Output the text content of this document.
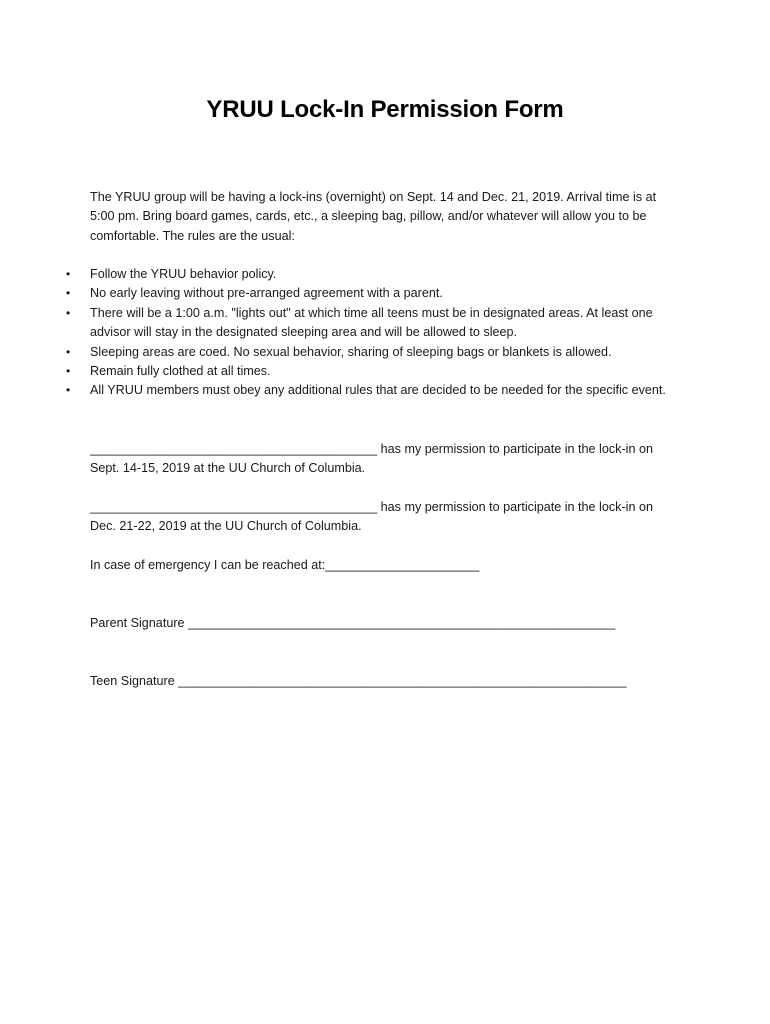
YRUU Lock-In Permission Form
The YRUU group will be having a lock-ins (overnight) on Sept. 14 and Dec. 21, 2019. Arrival time is at 5:00 pm. Bring board games, cards, etc., a sleeping bag, pillow, and/or whatever will allow you to be comfortable. The rules are the usual:
•	Follow the YRUU behavior policy.
•	No early leaving without pre-arranged agreement with a parent.
•	There will be a 1:00 a.m. "lights out" at which time all teens must be in designated areas. At least one advisor will stay in the designated sleeping area and will be allowed to sleep.
•	Sleeping areas are coed. No sexual behavior, sharing of sleeping bags or blankets is allowed.
•	Remain fully clothed at all times.
•	All YRUU members must obey any additional rules that are decided to be needed for the specific event.
_________________________________________ has my permission to participate in the lock-in on Sept. 14-15, 2019 at the UU Church of Columbia.
_________________________________________ has my permission to participate in the lock-in on Dec. 21-22, 2019 at the UU Church of Columbia.
In case of emergency I can be reached at:______________________
Parent Signature _____________________________________________________________
Teen Signature ________________________________________________________________
